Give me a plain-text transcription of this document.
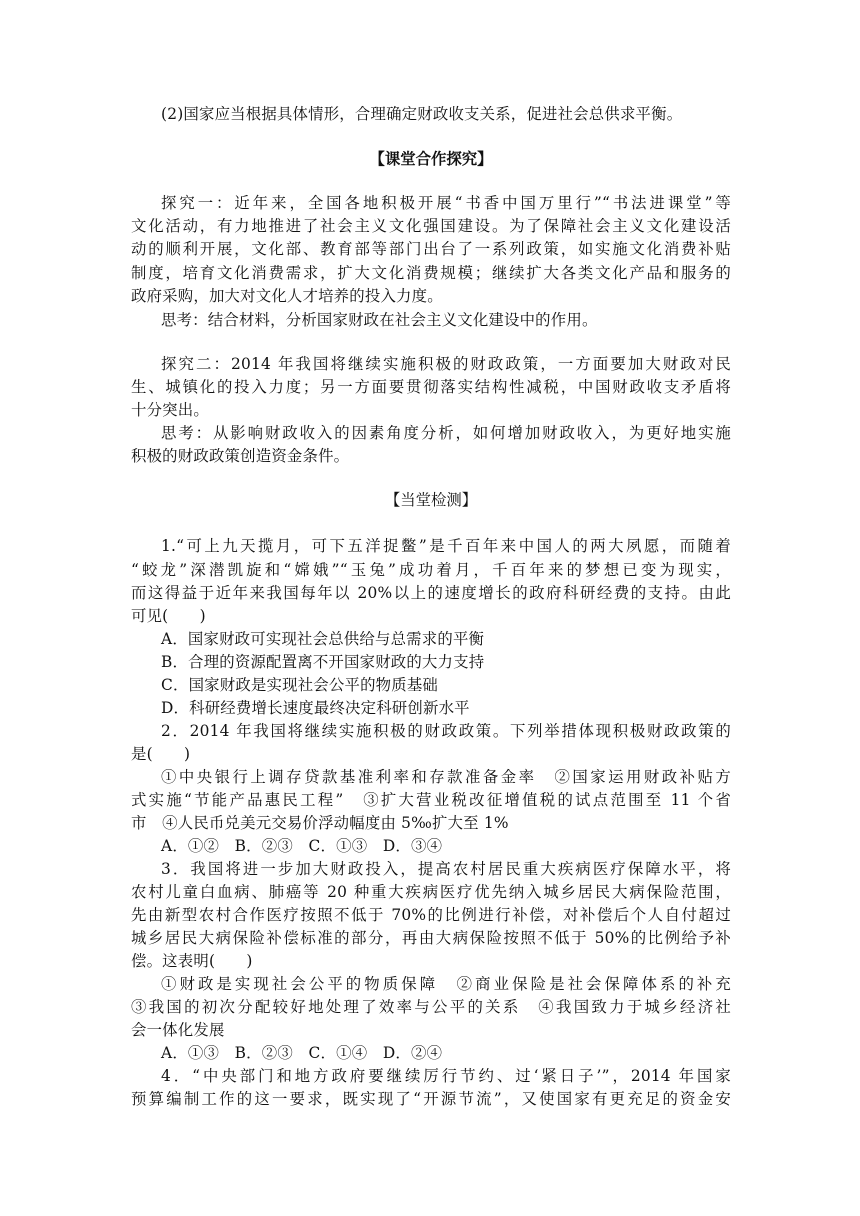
(2)国家应当根据具体情形，合理确定财政收支关系，促进社会总供求平衡。
【课堂合作探究】
探究一：近年来，全国各地积极开展“书香中国万里行”“书法进课堂”等
文化活动，有力地推进了社会主义文化强国建设。为了保障社会主义文化建设活
动的顺利开展，文化部、教育部等部门出台了一系列政策，如实施文化消费补贴
制度，培育文化消费需求，扩大文化消费规模；继续扩大各类文化产品和服务的
政府采购，加大对文化人才培养的投入力度。
思考：结合材料，分析国家财政在社会主义文化建设中的作用。
探究二：2014 年我国将继续实施积极的财政政策，一方面要加大财政对民
生、城镇化的投入力度；另一方面要贯彻落实结构性减税，中国财政收支矛盾将
十分突出。
思考：从影响财政收入的因素角度分析，如何增加财政收入，为更好地实施
积极的财政政策创造资金条件。
【当堂检测】
1.“可上九天揽月，可下五洋捉鳖”是千百年来中国人的两大夙愿，而随着
“蛟龙”深潜凯旋和“嫦娥”“玉兔”成功着月，千百年来的梦想已变为现实，
而这得益于近年来我国每年以 20%以上的速度增长的政府科研经费的支持。由此
可见(　　)
A．国家财政可实现社会总供给与总需求的平衡
B．合理的资源配置离不开国家财政的大力支持
C．国家财政是实现社会公平的物质基础
D．科研经费增长速度最终决定科研创新水平
2．2014 年我国将继续实施积极的财政政策。下列举措体现积极财政政策的
是(　　)
①中央银行上调存贷款基准利率和存款准备金率　②国家运用财政补贴方
式实施“节能产品惠民工程”　③扩大营业税改征增值税的试点范围至 11 个省
市　④人民币兑美元交易价浮动幅度由 5‰扩大至 1%
A．①②　B．②③　C．①③　D．③④
3．我国将进一步加大财政投入，提高农村居民重大疾病医疗保障水平，将
农村儿童白血病、肺癌等 20 种重大疾病医疗优先纳入城乡居民大病保险范围，
先由新型农村合作医疗按照不低于 70%的比例进行补偿，对补偿后个人自付超过
城乡居民大病保险补偿标准的部分，再由大病保险按照不低于 50%的比例给予补
偿。这表明(　　)
①财政是实现社会公平的物质保障　②商业保险是社会保障体系的补充
③我国的初次分配较好地处理了效率与公平的关系　④我国致力于城乡经济社
会一体化发展
A．①③　B．②③　C．①④　D．②④
4．“中央部门和地方政府要继续厉行节约、过‘紧日子’”，2014 年国家
预算编制工作的这一要求，既实现了“开源节流”，又使国家有更充足的资金安
